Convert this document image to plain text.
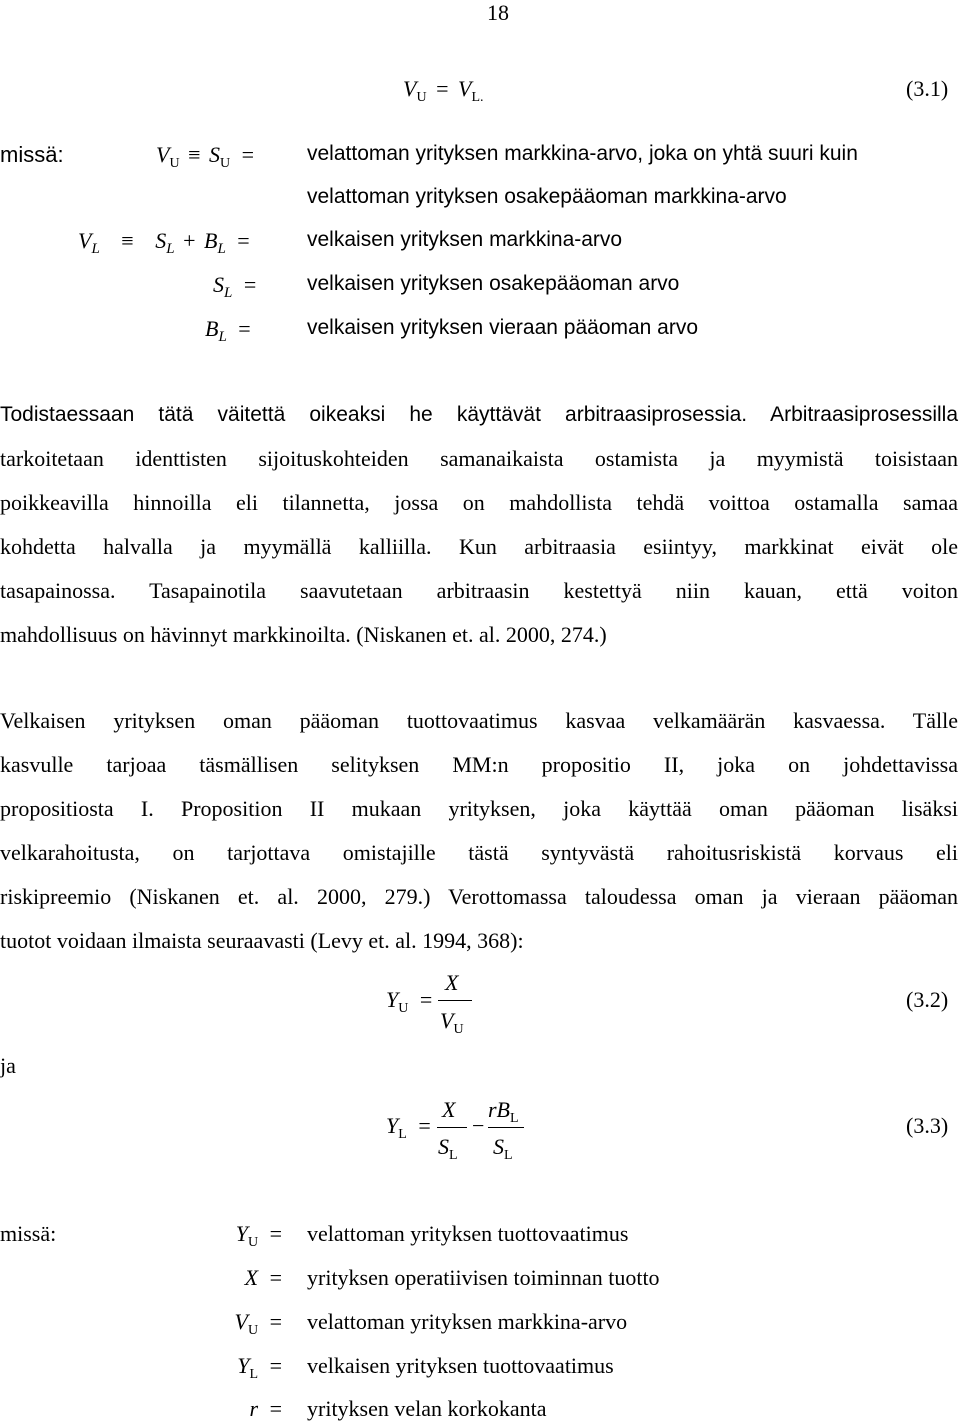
18
$V_U = V_{L.}$	(3.1)
missä:	$V_U \equiv S_U$ =	velattoman yrityksen markkina-arvo, joka on yhtä suuri kuin
velattoman yrityksen osakepääoman markkina-arvo
$V_L \equiv S_L + B_L$ =	velkaisen yrityksen markkina-arvo
$S_L$ = velkaisen yrityksen osakepääoman arvo
$B_L$ =	velkaisen yrityksen vieraan pääoman arvo
Todistaessaan tätä väitettä oikeaksi he käyttävät arbitraasiprosessia. Arbitraasiprosessilla
tarkoitetaan identtisten sijoituskohteiden samanaikaista ostamista ja myymistä toisistaan
poikkeavilla hinnoilla eli tilannetta, jossa on mahdollista tehdä voittoa ostamalla samaa
kohdetta halvalla ja myymällä kalliilla. Kun arbitraasia esiintyy, markkinat eivät ole
tasapainossa. Tasapainotila saavutetaan arbitraasin kestettyä niin kauan, että voiton
mahdollisuus on hävinnyt markkinoilta. (Niskanen et. al. 2000, 274.)
Velkaisen yrityksen oman pääoman tuottovaatimus kasvaa velkamäärän kasvaessa. Tälle
kasvulle tarjoaa täsmällisen selityksen MM:n propositio II, joka on johdettavissa
propositiosta I. Proposition II mukaan yrityksen, joka käyttää oman pääoman lisäksi
velkarahoitusta, on tarjottava omistajille tästä syntyvästä rahoitusriskistä korvaus eli
riskipreemio (Niskanen et. al. 2000, 279.) Verottomassa taloudessa oman ja vieraan pääoman
tuotot voidaan ilmaista seuraavasti (Levy et. al. 1994, 368):
$Y_U$ =
X
$V_U$
(3.2)
ja
$Y_L$ =
X
$S_L$
−
$rB_L$
$S_L$
(3.3)
missä:	$Y_U$ = velattoman yrityksen tuottovaatimus
X = yrityksen operatiivisen toiminnan tuotto
$V_U$ = velattoman yrityksen markkina-arvo
$Y_L$ = velkaisen yrityksen tuottovaatimus
r = yrityksen velan korkokanta
